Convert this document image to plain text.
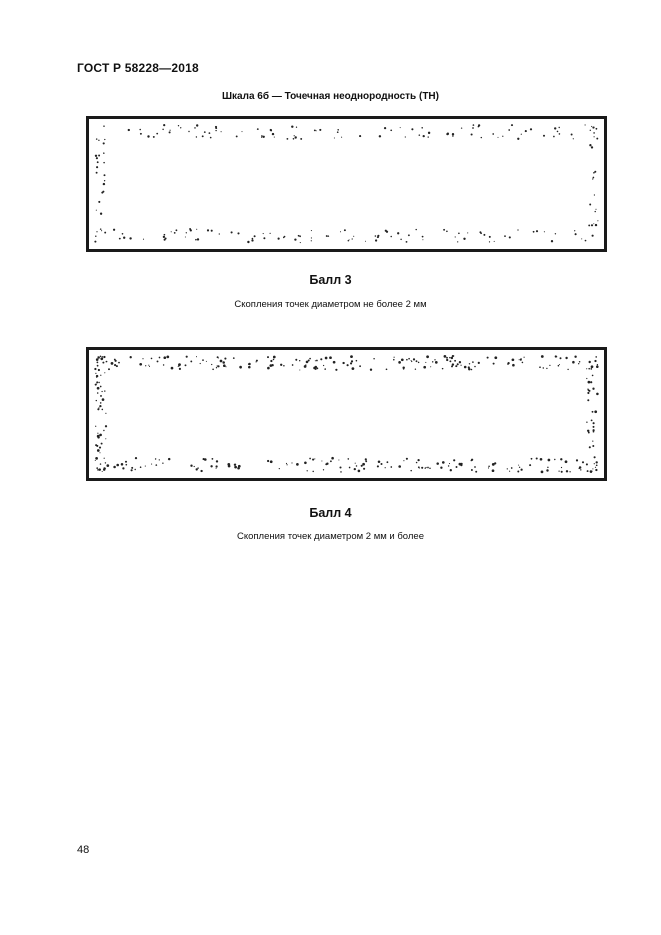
ГОСТ Р 58228—2018
Шкала 6б — Точечная неоднородность (ТН)
Балл 3
Скопления точек диаметром не более 2 мм
Балл 4
Скопления точек диаметром 2 мм и более
48
